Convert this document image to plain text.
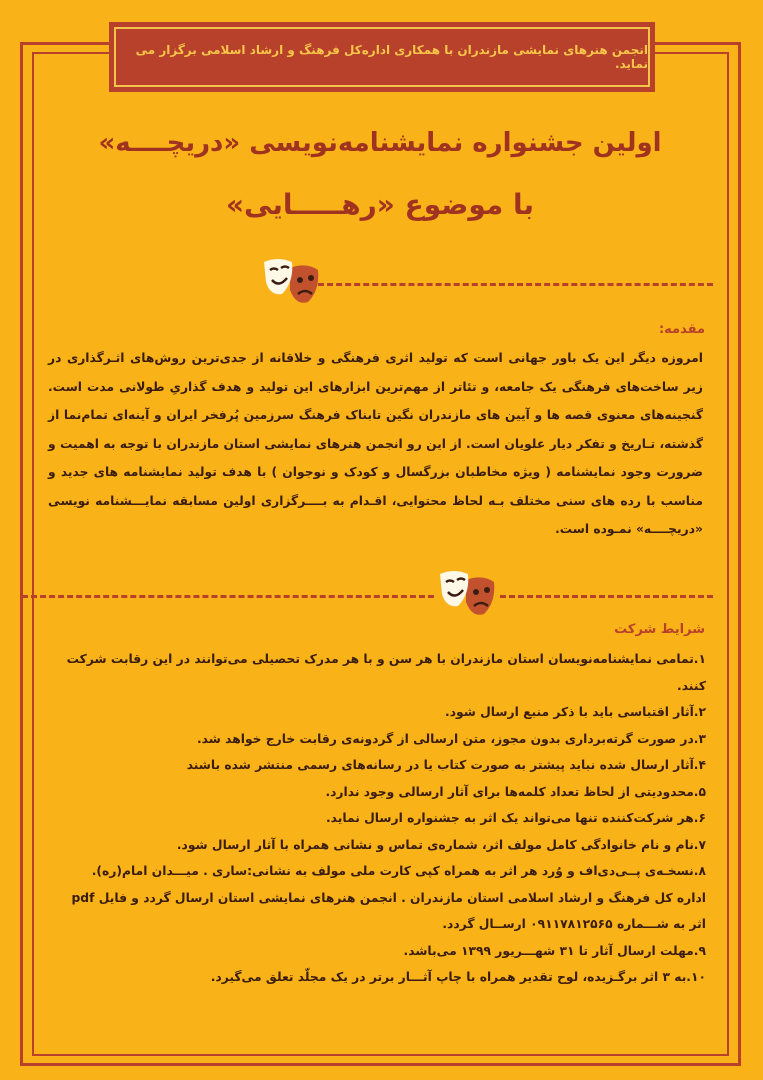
انجمن هنرهای نمایشی مازندران با همکاری اداره‌کل فرهنگ و ارشاد اسلامی برگزار می نماید.
اولین جشنواره نمایشنامه‌نویسی «دریچــــه»
با موضوع «رهـــــایی»
مقدمه:
امروزه دیگر این یک باور جهانی است که تولید اثری فرهنگی و خلاقانه از جدی‌ترین روش‌های اثـرگذاری در زیر ساخت‌های فرهنگی یک جامعه، و تئاتر از مهم‌ترین ابزارهای این تولید و هدف گذاریِ طولانی مدت است. گنجینه‌های معنوی قصه ها و آیین های مازندران نگین تابناک فرهنگ سرزمین پُرفخر ایران و آینه‌ای تمام‌نما از گذشته، تـاریخ و تفکر دیار علویان است. از این رو انجمن هنرهای نمایشی استان مازندران با توجه به اهمیت و ضرورت وجود نمایشنامه ( ویژه مخاطبان بزرگسال و کودک و نوجوان ) با هدف تولید نمایشنامه های جدید و مناسب با رده های سنی مختلف بـه لحاظ محتوایی، اقـدام به بــــرگزاری اولین مسابقه نمایـــشنامه نویسی «دریچــــه» نمـوده است.
شرایط شرکت
۱.تمامی نمایشنامه‌نویسان استان مازندران با هر سن و با هر مدرک تحصیلی می‌توانند در این رقابت شرکت کنند.
۲.آثار اقتباسی باید با ذکر منبع ارسال شود.
۳.در صورت گرته‌برداری بدون مجوز، متن ارسالی از گردونه‌ی رقابت خارج خواهد شد.
۴.آثار ارسال شده نباید پیشتر به صورت کتاب یا در رسانه‌های رسمی منتشر شده باشند
۵.محدودیتی از لحاظ تعداد کلمه‌ها برای آثار ارسالی وجود ندارد.
۶.هر شرکت‌کننده تنها می‌تواند یک اثر به جشنواره ارسال نماید.
۷.نام و نام خانوادگی کامل مولف اثر، شماره‌ی تماس و نشانی همراه با آثار ارسال شود.
۸.نسخـه‌ی پــی‌دی‌اف و وُرد هر اثر به همراه کپی کارت ملی مولف به نشانی:ساری . میـــدان امام(ره). اداره کل فرهنگ و ارشاد اسلامی استان مازندران . انجمن هنرهای نمایشی استان ارسال گردد و فایل pdf اثر به شـــماره ۰۹۱۱۷۸۱۲۵۶۵ ارســال گردد.
۹.مهلت ارسال آثار تا ۳۱ شهـــریور ۱۳۹۹ می‌باشد.
۱۰.به ۳ اثر برگـزیده، لوح تقدیر همراه با چاپ آثـــار برتر در یک مجلّد تعلق می‌گیرد.
